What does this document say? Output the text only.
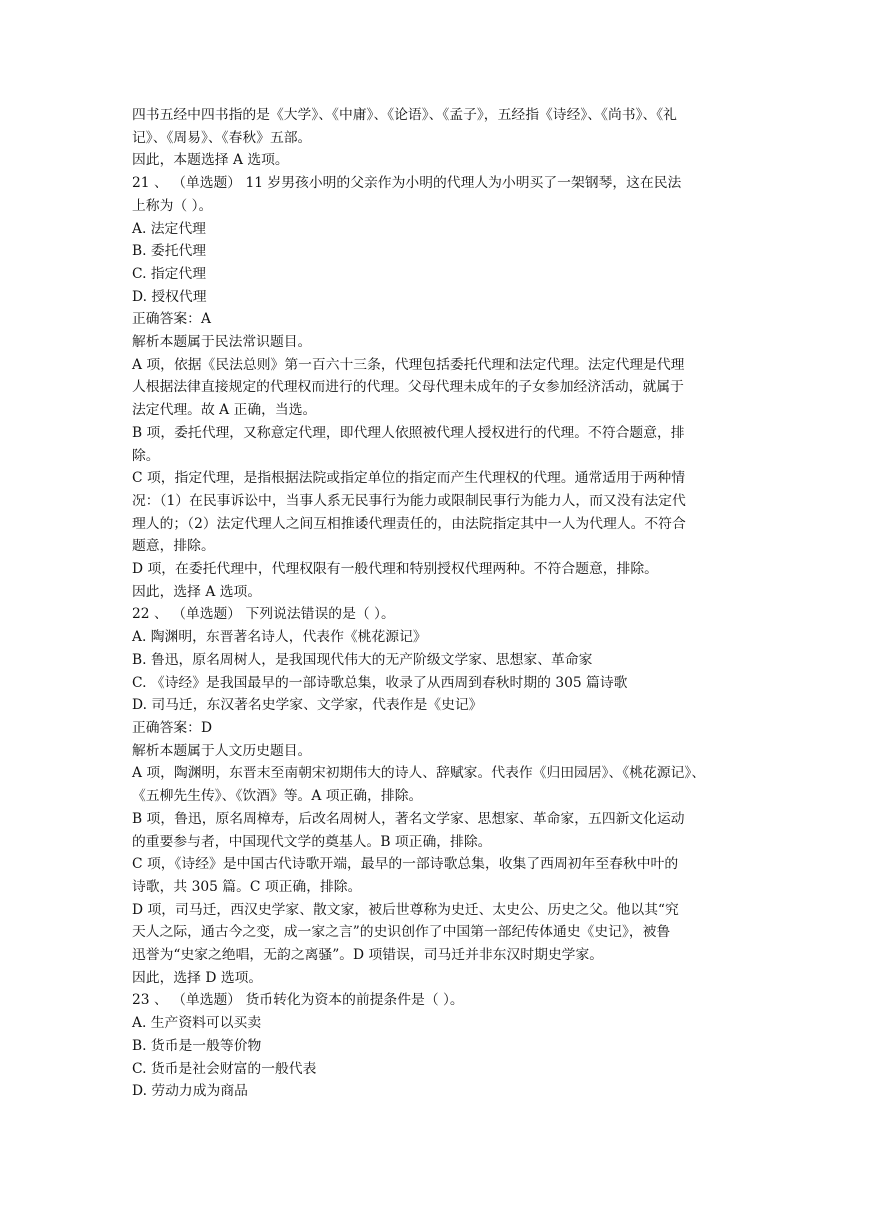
四书五经中四书指的是《大学》、《中庸》、《论语》、《孟子》，五经指《诗经》、《尚书》、《礼
记》、《周易》、《春秋》五部。
因此，本题选择 A 选项。
21 、 （单选题） 11 岁男孩小明的父亲作为小明的代理人为小明买了一架钢琴，这在民法
上称为（ ）。
A. 法定代理
B. 委托代理
C. 指定代理
D. 授权代理
正确答案：A
解析本题属于民法常识题目。
A 项，依据《民法总则》第一百六十三条，代理包括委托代理和法定代理。法定代理是代理
人根据法律直接规定的代理权而进行的代理。父母代理未成年的子女参加经济活动，就属于
法定代理。故 A 正确，当选。
B 项，委托代理，又称意定代理，即代理人依照被代理人授权进行的代理。不符合题意，排
除。
C 项，指定代理，是指根据法院或指定单位的指定而产生代理权的代理。通常适用于两种情
况：（1）在民事诉讼中，当事人系无民事行为能力或限制民事行为能力人，而又没有法定代
理人的；（2）法定代理人之间互相推诿代理责任的，由法院指定其中一人为代理人。不符合
题意，排除。
D 项，在委托代理中，代理权限有一般代理和特别授权代理两种。不符合题意，排除。
因此，选择 A 选项。
22 、 （单选题） 下列说法错误的是（ ）。
A. 陶渊明，东晋著名诗人，代表作《桃花源记》
B. 鲁迅，原名周树人，是我国现代伟大的无产阶级文学家、思想家、革命家
C. 《诗经》是我国最早的一部诗歌总集，收录了从西周到春秋时期的 305 篇诗歌
D. 司马迁，东汉著名史学家、文学家，代表作是《史记》
正确答案：D
解析本题属于人文历史题目。
A 项，陶渊明，东晋末至南朝宋初期伟大的诗人、辞赋家。代表作《归田园居》、《桃花源记》、
《五柳先生传》、《饮酒》等。A 项正确，排除。
B 项，鲁迅，原名周樟寿，后改名周树人，著名文学家、思想家、革命家，五四新文化运动
的重要参与者，中国现代文学的奠基人。B 项正确，排除。
C 项，《诗经》是中国古代诗歌开端，最早的一部诗歌总集，收集了西周初年至春秋中叶的
诗歌，共 305 篇。C 项正确，排除。
D 项，司马迁，西汉史学家、散文家，被后世尊称为史迁、太史公、历史之父。他以其“究
天人之际，通古今之变，成一家之言”的史识创作了中国第一部纪传体通史《史记》，被鲁
迅誉为“史家之绝唱，无韵之离骚”。D 项错误，司马迁并非东汉时期史学家。
因此，选择 D 选项。
23 、 （单选题） 货币转化为资本的前提条件是（ ）。
A. 生产资料可以买卖
B. 货币是一般等价物
C. 货币是社会财富的一般代表
D. 劳动力成为商品
